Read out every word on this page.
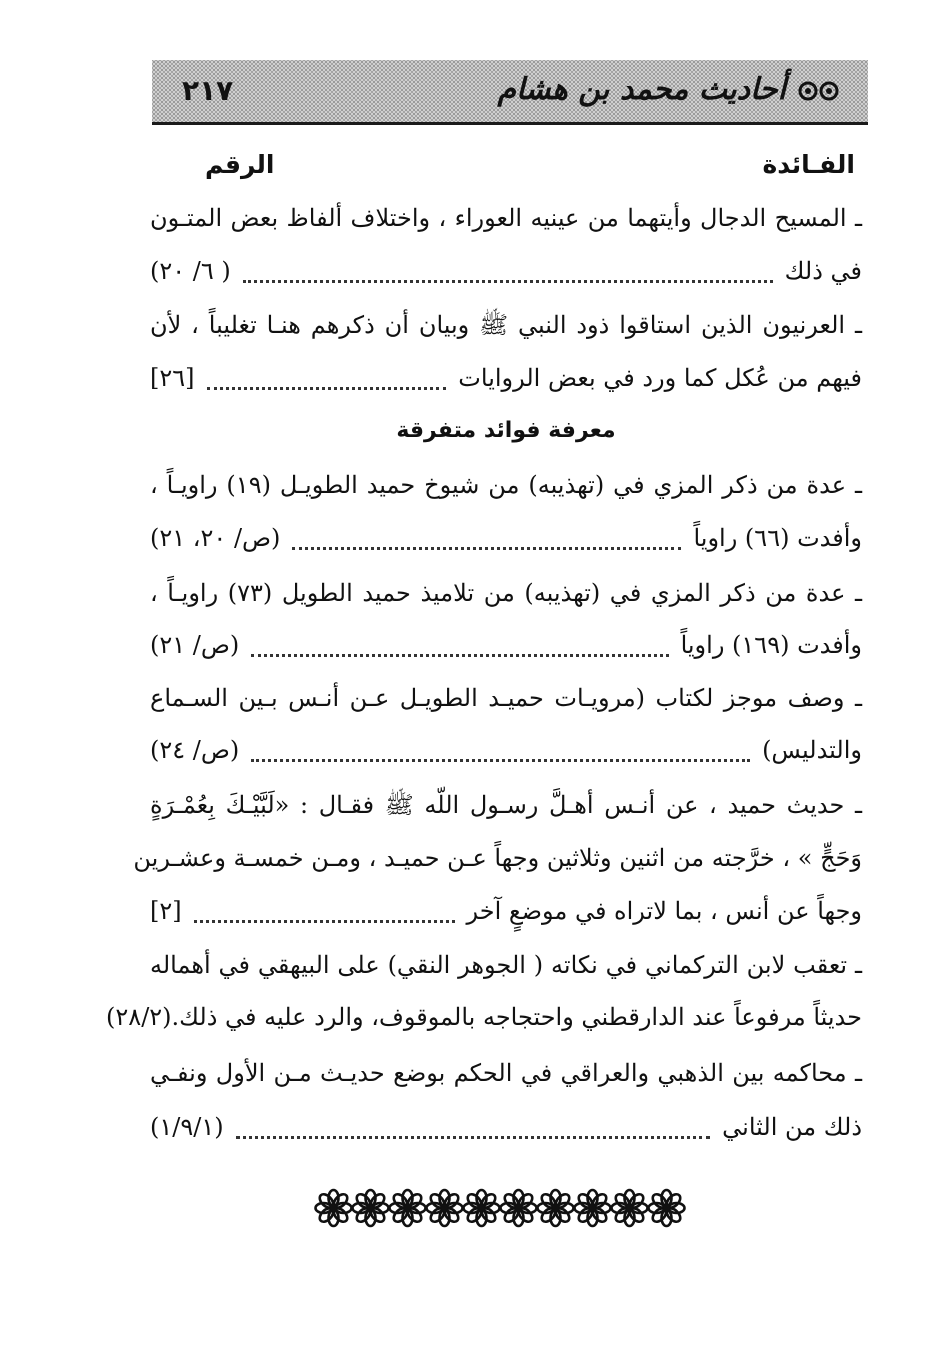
أحاديث محمد بن هشام
٢١٧
الفـائدة
الرقم
ـ المسيح الدجال وأيتهما من عينيه العوراء ، واختلاف ألفاظ بعض المتـون
في ذلك
( ٦/ ٢٠)
ـ العرنيون الذين استاقوا ذود النبي ﷺ وبيان أن ذكرهم هنـا تغليباً ، لأن
فيهم من عُكل كما ورد في بعض الروايات
[٢٦]
معرفة فوائد متفرقة
ـ عدة من ذكر المزي في (تهذيبه) من شيوخ حميد الطويـل (١٩) راويـاً ،
وأفدت (٦٦) راوياً
(ص/ ٢٠، ٢١)
ـ عدة من ذكر المزي في (تهذيبه) من تلاميذ حميد الطويل (٧٣) راويـاً ،
وأفدت (١٦٩) راوياً
(ص/ ٢١)
ـ وصف موجز لكتاب (مرويـات حميـد الطويـل عـن أنـس بـين السـماع
والتدليس)
(ص/ ٢٤)
ـ حديث حميد ، عن أنـس أهـلَّ رسـول اللّه ﷺ فقـال : «لَبَّيْـكَ بِعُمْـرَةٍ
وَحَجٍّ » ، خرَّجته من اثنين وثلاثين وجهاً عـن حميـد ، ومـن خمسـة وعشـرين
وجهاً عن أنس ، بما لاتراه في موضعٍ آخر
[٢]
ـ تعقب لابن التركماني في نكاته ( الجوهر النقي) على البيهقي في أهماله
حديثاً مرفوعاً عند الدارقطني واحتجاجه بالموقوف، والرد عليه في ذلك.(٢٨/٢)
ـ محاكمه بين الذهبي والعراقي في الحكم بوضع حديـث مـن الأول ونفـي
ذلك من الثاني
(١/٩/١)
